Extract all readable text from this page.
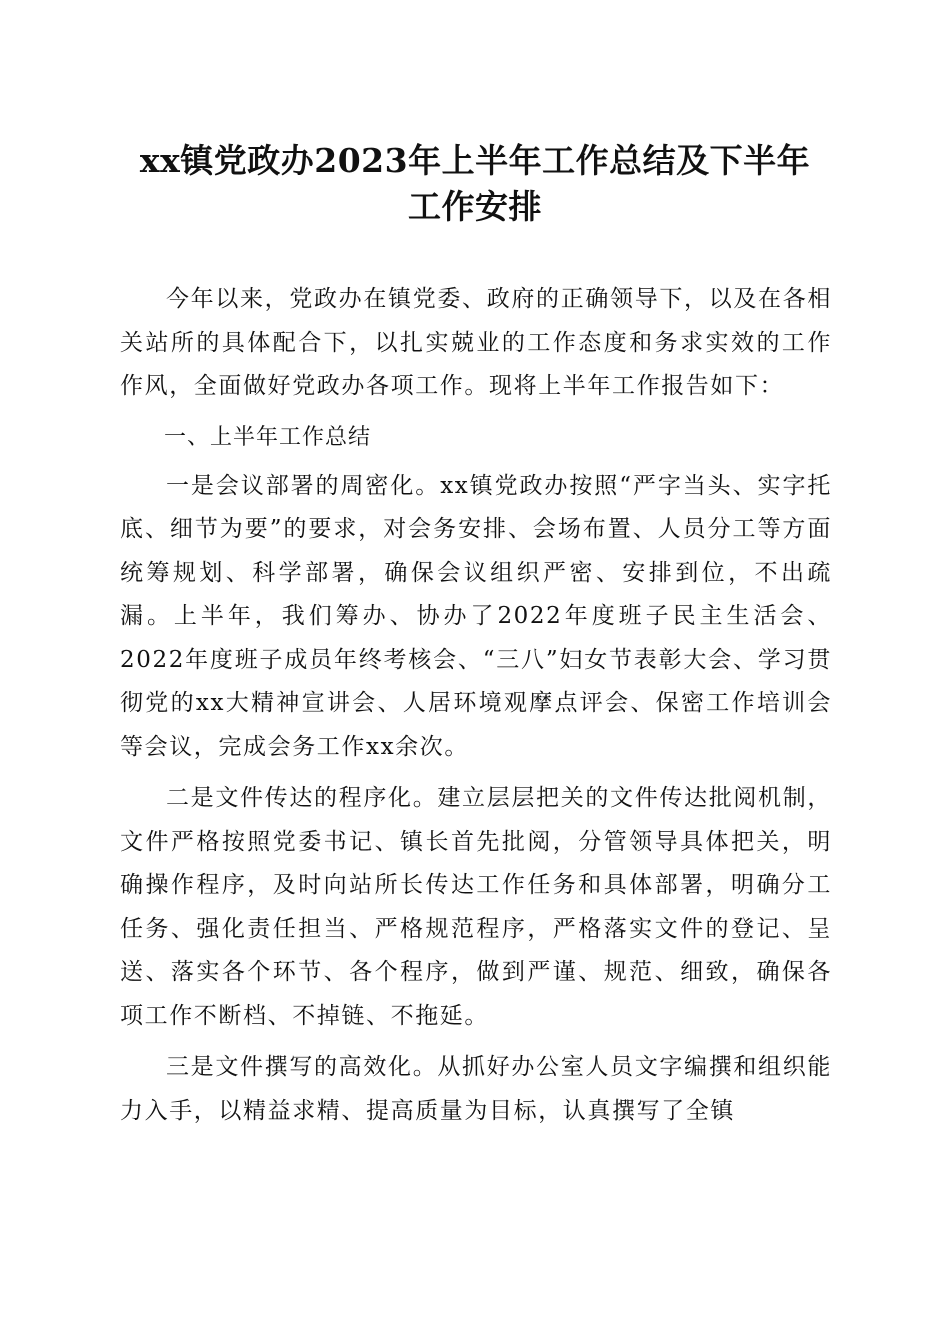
xx镇党政办2023年上半年工作总结及下半年
工作安排

今年以来，党政办在镇党委、政府的正确领导下，以及在各相关站所的具体配合下，以扎实兢业的工作态度和务求实效的工作作风，全面做好党政办各项工作。现将上半年工作报告如下：

一、上半年工作总结

一是会议部署的周密化。xx镇党政办按照“严字当头、实字托底、细节为要”的要求，对会务安排、会场布置、人员分工等方面统筹规划、科学部署，确保会议组织严密、安排到位，不出疏漏。上半年，我们筹办、协办了2022年度班子民主生活会、2022年度班子成员年终考核会、“三八”妇女节表彰大会、学习贯彻党的xx大精神宣讲会、人居环境观摩点评会、保密工作培训会等会议，完成会务工作xx余次。

二是文件传达的程序化。建立层层把关的文件传达批阅机制，文件严格按照党委书记、镇长首先批阅，分管领导具体把关，明确操作程序，及时向站所长传达工作任务和具体部署，明确分工任务、强化责任担当、严格规范程序，严格落实文件的登记、呈送、落实各个环节、各个程序，做到严谨、规范、细致，确保各项工作不断档、不掉链、不拖延。

三是文件撰写的高效化。从抓好办公室人员文字编撰和组织能力入手，以精益求精、提高质量为目标，认真撰写了全镇
